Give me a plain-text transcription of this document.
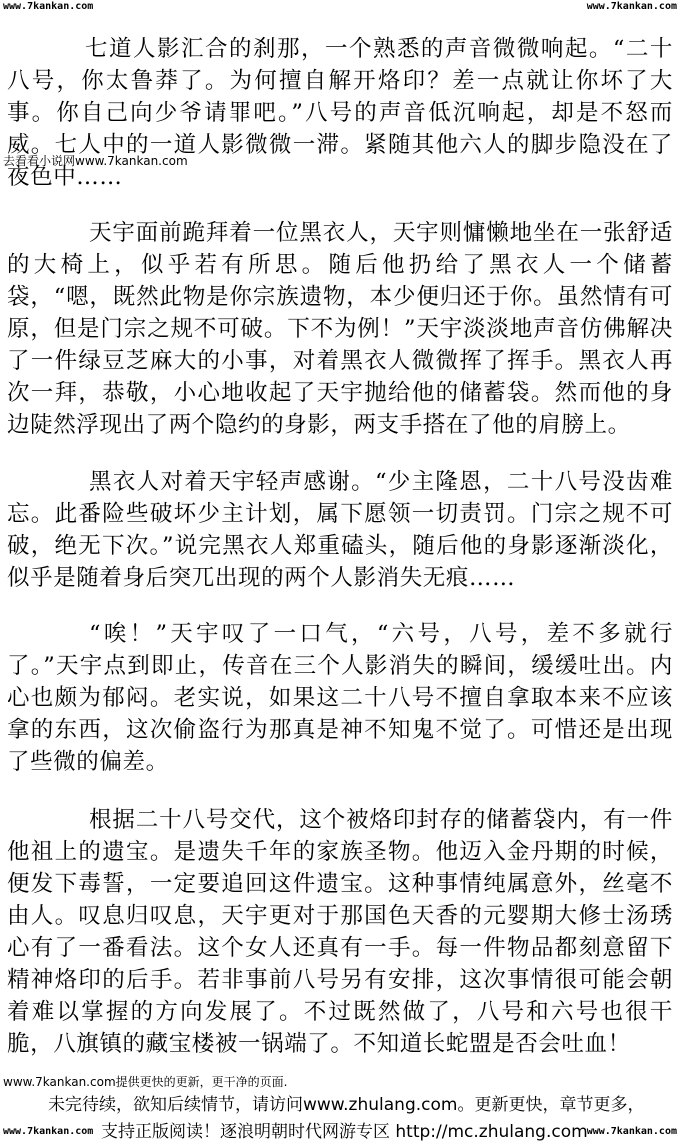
www.7kankan.com	www.7kankan.com

七道人影汇合的刹那，一个熟悉的声音微微响起。“二十八号，你太鲁莽了。为何擅自解开烙印？差一点就让你坏了大事。你自己向少爷请罪吧。”八号的声音低沉响起，却是不怒而威。七人中的一道人影微微一滞。紧随其他六人的脚步隐没在了夜色中……

去看看小说网www.7kankan.com

天宇面前跪拜着一位黑衣人，天宇则慵懒地坐在一张舒适的大椅上，似乎若有所思。随后他扔给了黑衣人一个储蓄袋，“嗯，既然此物是你宗族遗物，本少便归还于你。虽然情有可原，但是门宗之规不可破。下不为例！”天宇淡淡地声音仿佛解决了一件绿豆芝麻大的小事，对着黑衣人微微挥了挥手。黑衣人再次一拜，恭敬，小心地收起了天宇抛给他的储蓄袋。然而他的身边陡然浮现出了两个隐约的身影，两支手搭在了他的肩膀上。

黑衣人对着天宇轻声感谢。“少主隆恩，二十八号没齿难忘。此番险些破坏少主计划，属下愿领一切责罚。门宗之规不可破，绝无下次。”说完黑衣人郑重磕头，随后他的身影逐渐淡化，似乎是随着身后突兀出现的两个人影消失无痕……

“唉！”天宇叹了一口气，“六号，八号，差不多就行了。”天宇点到即止，传音在三个人影消失的瞬间，缓缓吐出。内心也颇为郁闷。老实说，如果这二十八号不擅自拿取本来不应该拿的东西，这次偷盗行为那真是神不知鬼不觉了。可惜还是出现了些微的偏差。

根据二十八号交代，这个被烙印封存的储蓄袋内，有一件他祖上的遗宝。是遗失千年的家族圣物。他迈入金丹期的时候，便发下毒誓，一定要追回这件遗宝。这种事情纯属意外，丝毫不由人。叹息归叹息，天宇更对于那国色天香的元婴期大修士汤琇心有了一番看法。这个女人还真有一手。每一件物品都刻意留下精神烙印的后手。若非事前八号另有安排，这次事情很可能会朝着难以掌握的方向发展了。不过既然做了，八号和六号也很干脆，八旗镇的藏宝楼被一锅端了。不知道长蛇盟是否会吐血！

www.7kankan.com提供更快的更新，更干净的页面.
未完待续，欲知后续情节，请访问www.zhulang.com。更新更快，章节更多，
www.7kankan.com 支持正版阅读！逐浪明朝时代网游专区 http://mc.zhulang.com www.7kankan.com
